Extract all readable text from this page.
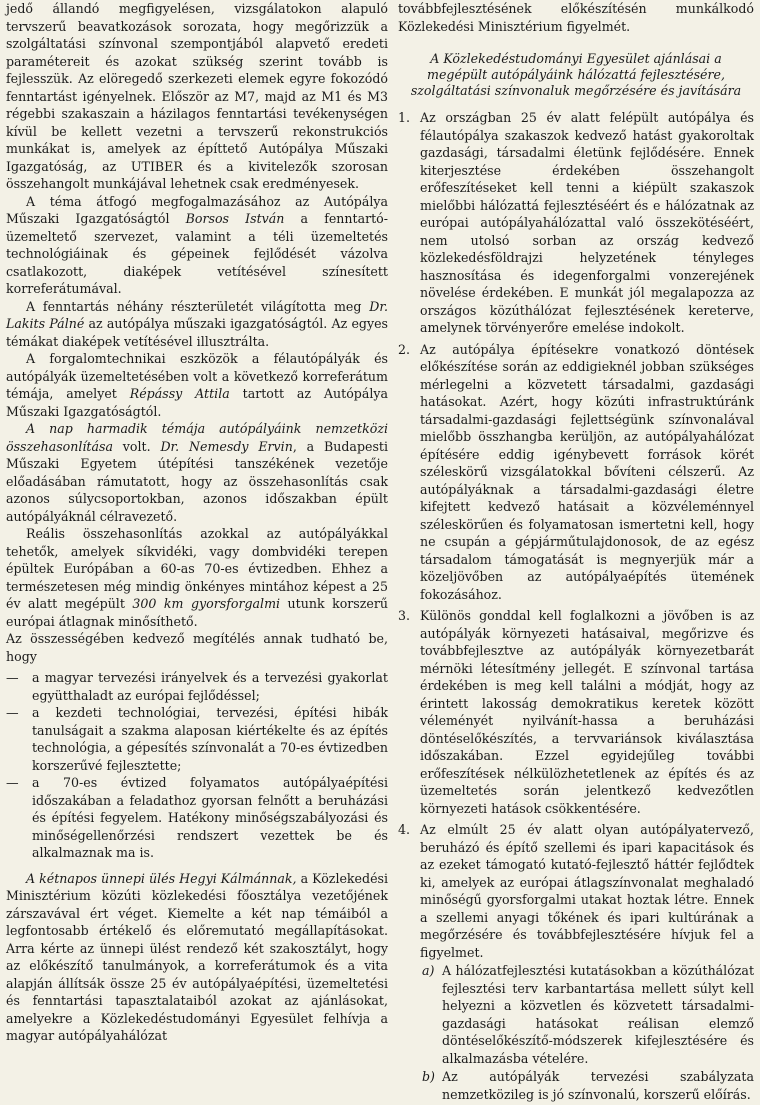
jedő állandó megfigyelésen, vizsgálatokon alapuló tervszerű beavatkozások sorozata, hogy megőrizzük a szolgáltatási színvonal szempontjából alapvető eredeti paramétereit és azokat szükség szerint tovább is fejlesszük. Az elöregedő szerkezeti elemek egyre fokozódó fenntartást igényelnek. Először az M7, majd az M1 és M3 régebbi szakaszain a házilagos fenntartási tevékenységen kívül be kellett vezetni a tervszerű rekonstrukciós munkákat is, amelyek az építtető Autópálya Műszaki Igazgatóság, az UTIBER és a kivitelezők szorosan összehangolt munkájával lehetnek csak eredményesek.

A téma átfogó megfogalmazásához az Autópálya Műszaki Igazgatóságtól Borsos István a fenntartó-üzemeltető szervezet, valamint a téli üzemeltetés technológiáinak és gépeinek fejlődését vázolva csatlakozott, diaképek vetítésével színesített korreferátumával.

A fenntartás néhány részterületét világította meg Dr. Lakits Pálné az autópálya műszaki igazgatóságtól. Az egyes témákat diaképek vetítésével illusztrálta.

A forgalomtechnikai eszközök a félautópályák és autópályák üzemeltetésében volt a következő korreferátum témája, amelyet Répássy Attila tartott az Autópálya Műszaki Igazgatóságtól.

A nap harmadik témája autópályáink nemzetközi összehasonlítása volt. Dr. Nemesdy Ervin, a Budapesti Műszaki Egyetem útépítési tanszékének vezetője előadásában rámutatott, hogy az összehasonlítás csak azonos súlycsoportokban, azonos időszakban épült autópályáknál célravezető.

Reális összehasonlítás azokkal az autópályákkal tehetők, amelyek síkvidéki, vagy dombvidéki terepen épültek Európában a 60-as 70-es évtizedben. Ehhez a természetesen még mindig önkényes mintához képest a 25 év alatt megépült 300 km gyorsforgalmi utunk korszerű európai átlagnak minősíthető.

Az összességében kedvező megítélés annak tudható be, hogy

— a magyar tervezési irányelvek és a tervezési gyakorlat együtthaladt az európai fejlődéssel;
— a kezdeti technológiai, tervezési, építési hibák tanulságait a szakma alaposan kiértékelte és az építés technológia, a gépesítés színvonalát a 70-es évtizedben korszerűvé fejlesztette;
— a 70-es évtized folyamatos autópályaépítési időszakában a feladathoz gyorsan felnőtt a beruházási és építési fegyelem. Hatékony minőségszabályozási és minőségellenőrzési rendszert vezettek be és alkalmaznak ma is.

A kétnapos ünnepi ülés Hegyi Kálmánnak, a Közlekedési Minisztérium közúti közlekedési főosztálya vezetőjének zárszavával ért véget. Kiemelte a két nap témáiból a legfontosabb értékelő és előremutató megállapításokat. Arra kérte az ünnepi ülést rendező két szakosztályt, hogy az előkészítő tanulmányok, a korreferátumok és a vita alapján állítsák össze 25 év autópályaépítési, üzemeltetési és fenntartási tapasztalataiból azokat az ajánlásokat, amelyekre a Közlekedéstudományi Egyesület felhívja a magyar autópályahálózat

továbbfejlesztésének előkészítésén munkálkodó Közlekedési Minisztérium figyelmét.

A Közlekedéstudományi Egyesület ajánlásai a megépült autópályáink hálózattá fejlesztésére, szolgáltatási színvonaluk megőrzésére és javítására

1. Az országban 25 év alatt felépült autópálya és félautópálya szakaszok kedvező hatást gyakoroltak gazdasági, társadalmi életünk fejlődésére. Ennek kiterjesztése érdekében összehangolt erőfeszítéseket kell tenni a kiépült szakaszok mielőbbi hálózattá fejlesztéséért és e hálózatnak az európai autópályahálózattal való összekötéséért, nem utolsó sorban az ország kedvező közlekedésföldrajzi helyzetének tényleges hasznosítása és idegenforgalmi vonzerejének növelése érdekében. E munkát jól megalapozza az országos közúthálózat fejlesztésének kereterve, amelynek törvényerőre emelése indokolt.
2. Az autópálya építésekre vonatkozó döntések előkészítése során az eddigieknél jobban szükséges mérlegelni a közvetett társadalmi, gazdasági hatásokat. Azért, hogy közúti infrastruktúránk társadalmi-gazdasági fejlettségünk színvonalával mielőbb összhangba kerüljön, az autópályahálózat építésére eddig igénybevett források körét széleskörű vizsgálatokkal bővíteni célszerű. Az autópályáknak a társadalmi-gazdasági életre kifejtett kedvező hatásait a közvéleménnyel széleskörűen és folyamatosan ismertetni kell, hogy ne csupán a gépjárműtulajdonosok, de az egész társadalom támogatását is megnyerjük már a közeljövőben az autópályaépítés ütemének fokozásához.
3. Különös gonddal kell foglalkozni a jövőben is az autópályák környezeti hatásaival, megőrizve és továbbfejlesztve az autópályák környezetbarát mérnöki létesítmény jellegét. E színvonal tartása érdekében is meg kell találni a módját, hogy az érintett lakosság demokratikus keretek között véleményét nyilvánít-hassa a beruházási döntéselőkészítés, a tervvariánsok kiválasztása időszakában. Ezzel egyidejűleg további erőfeszítések nélkülözhetetlenek az építés és az üzemeltetés során jelentkező kedvezőtlen környezeti hatások csökkentésére.
4. Az elmúlt 25 év alatt olyan autópályatervező, beruházó és építő szellemi és ipari kapacitások és az ezeket támogató kutató-fejlesztő háttér fejlődtek ki, amelyek az európai átlagszínvonalat meghaladó minőségű gyorsforgalmi utakat hoztak létre. Ennek a szellemi anyagi tőkének és ipari kultúrának a megőrzésére és továbbfejlesztésére hívjuk fel a figyelmet.
a) A hálózatfejlesztési kutatásokban a közúthálózat fejlesztési terv karbantartása mellett súlyt kell helyezni a közvetlen és közvetett társadalmi-gazdasági hatásokat reálisan elemző döntéselőkészítő-módszerek kifejlesztésére és alkalmazásba vételére.
b) Az autópályák tervezési szabályzata nemzetközileg is jó színvonalú, korszerű előírás.
